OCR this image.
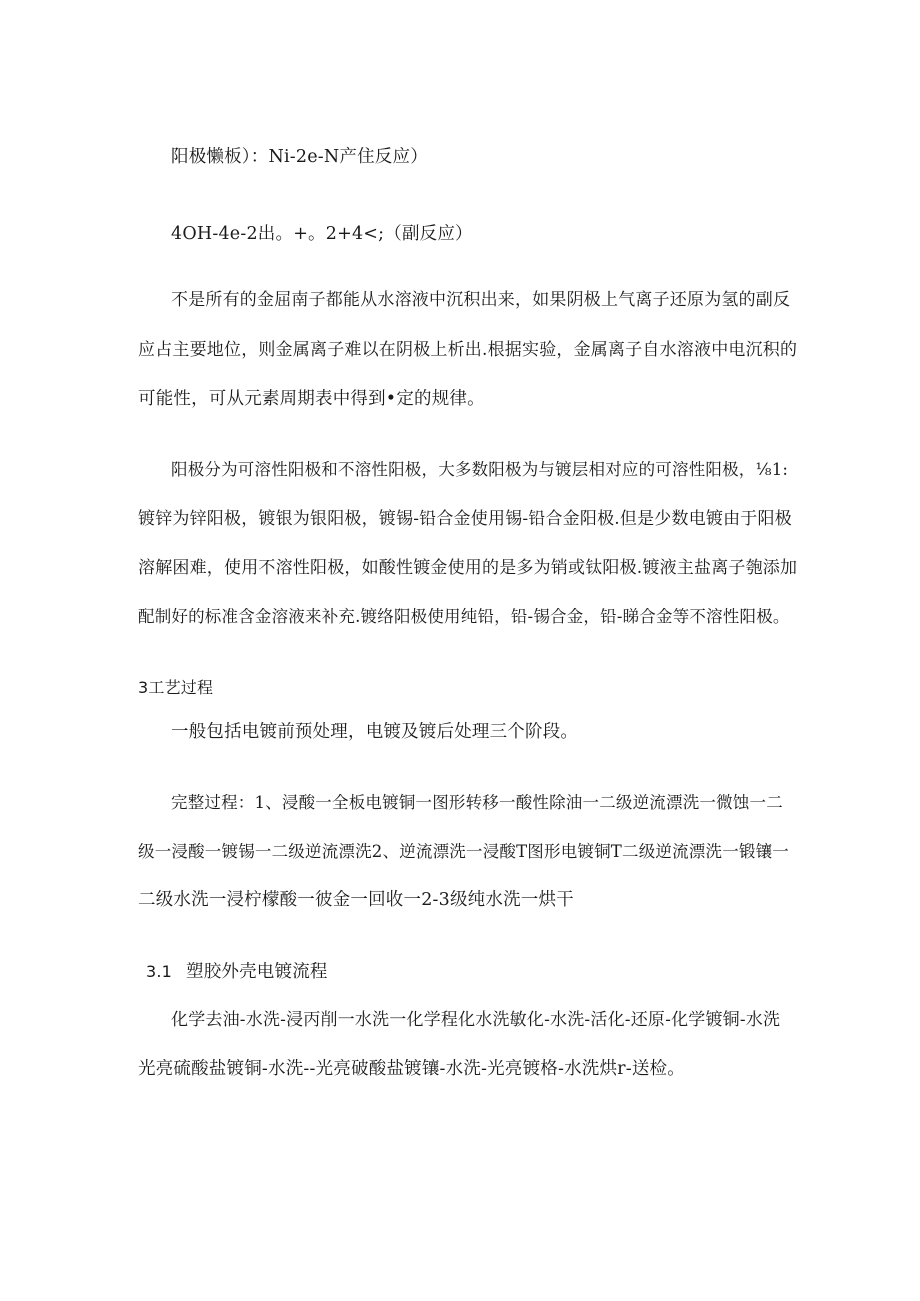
阳极懒板）：Ni-2e-N产住反应）
4OH-4e-2出。+。2+4<;（副反应）
不是所有的金屈南子都能从水溶液中沉积出来，如果阴极上气离子还原为氢的副反
应占主要地位，则金属离子难以在阴极上析出.根据实验，金属离子自水溶液中电沉积的
可能性，可从元素周期表中得到•定的规律。
阳极分为可溶性阳极和不溶性阳极，大多数阳极为与镀层相对应的可溶性阳极，⅛1:
镀锌为锌阳极，镀银为银阳极，镀锡-铅合金使用锡-铅合金阳极.但是少数电镀由于阳极
溶解困难，使用不溶性阳极，如酸性镀金使用的是多为销或钛阳极.镀液主盐离子匏添加
配制好的标准含金溶液来补充.镀络阳极使用纯铅，铅-锡合金，铅-睇合金等不溶性阳极。
3工艺过程
一般包括电镀前预处理，电镀及镀后处理三个阶段。
完整过程：1、浸酸一全板电镀铜一图形转移一酸性除油一二级逆流漂洗一微蚀一二
级一浸酸一镀锡一二级逆流漂洗2、逆流漂洗一浸酸T图形电镀铜T二级逆流漂洗一锻镶一
二级水洗一浸柠檬酸一彼金一回收一2-3级纯水洗一烘干
3.1 塑胶外壳电镀流程
化学去油-水洗-浸丙削一水洗一化学程化水洗敏化-水洗-活化-还原-化学镀铜-水洗
光亮硫酸盐镀铜-水洗--光亮破酸盐镀镶-水洗-光亮镀格-水洗烘r-送检。
